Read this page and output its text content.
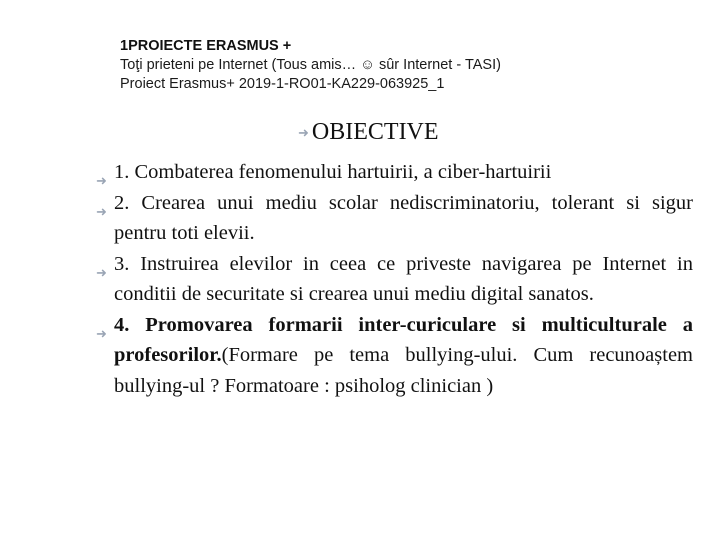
1PROIECTE ERASMUS +
Toţi prieteni pe Internet (Tous amis… ☺ sûr Internet - TASI)
Proiect Erasmus+ 2019-1-RO01-KA229-063925_1
➜ OBIECTIVE
➜ 1. Combaterea fenomenului hartuirii, a ciber-hartuirii
➜ 2. Crearea unui mediu scolar nediscriminatoriu, tolerant si sigur pentru toti elevii.
➜ 3. Instruirea elevilor in ceea ce priveste navigarea pe Internet in conditii de securitate si crearea unui mediu digital sanatos.
➜ 4. Promovarea formarii inter-curiculare si multiculturale a profesorilor.(Formare pe tema bullying-ului. Cum recunoaștem bullying-ul ? Formatoare : psiholog clinician )
